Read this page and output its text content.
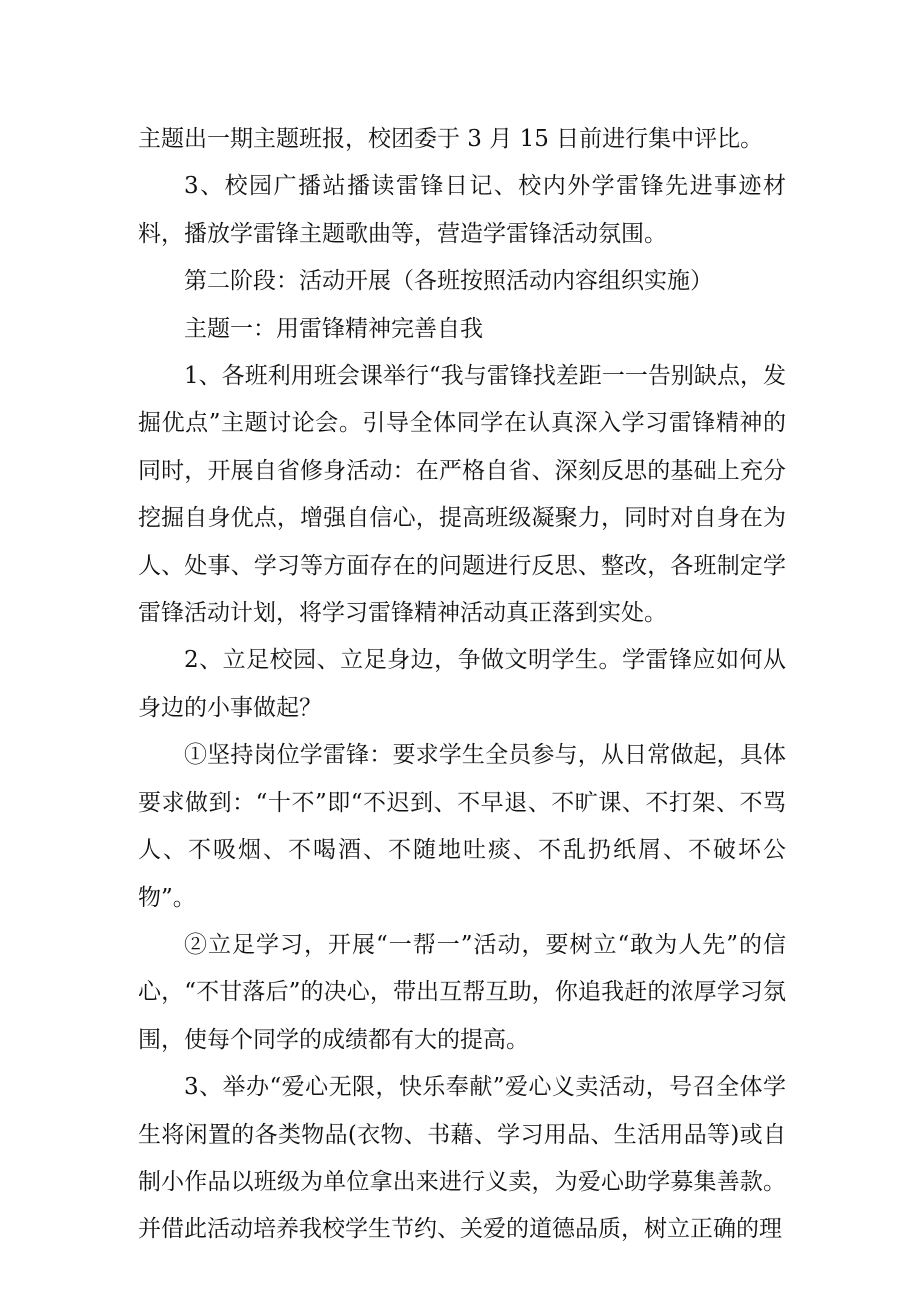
主题出一期主题班报，校团委于 3 月 15 日前进行集中评比。

3、校园广播站播读雷锋日记、校内外学雷锋先进事迹材料，播放学雷锋主题歌曲等，营造学雷锋活动氛围。

第二阶段：活动开展（各班按照活动内容组织实施）

主题一：用雷锋精神完善自我

1、各班利用班会课举行“我与雷锋找差距一一告别缺点，发掘优点”主题讨论会。引导全体同学在认真深入学习雷锋精神的同时，开展自省修身活动：在严格自省、深刻反思的基础上充分挖掘自身优点，增强自信心，提高班级凝聚力，同时对自身在为人、处事、学习等方面存在的问题进行反思、整改，各班制定学雷锋活动计划，将学习雷锋精神活动真正落到实处。

2、立足校园、立足身边，争做文明学生。学雷锋应如何从身边的小事做起？

①坚持岗位学雷锋：要求学生全员参与，从日常做起，具体要求做到：“十不”即“不迟到、不早退、不旷课、不打架、不骂人、不吸烟、不喝酒、不随地吐痰、不乱扔纸屑、不破坏公物”。

②立足学习，开展“一帮一”活动，要树立“敢为人先”的信心，“不甘落后”的决心，带出互帮互助，你追我赶的浓厚学习氛围，使每个同学的成绩都有大的提高。

3、举办“爱心无限，快乐奉献”爱心义卖活动，号召全体学生将闲置的各类物品(衣物、书藉、学习用品、生活用品等)或自制小作品以班级为单位拿出来进行义卖，为爱心助学募集善款。并借此活动培养我校学生节约、关爱的道德品质，树立正确的理
